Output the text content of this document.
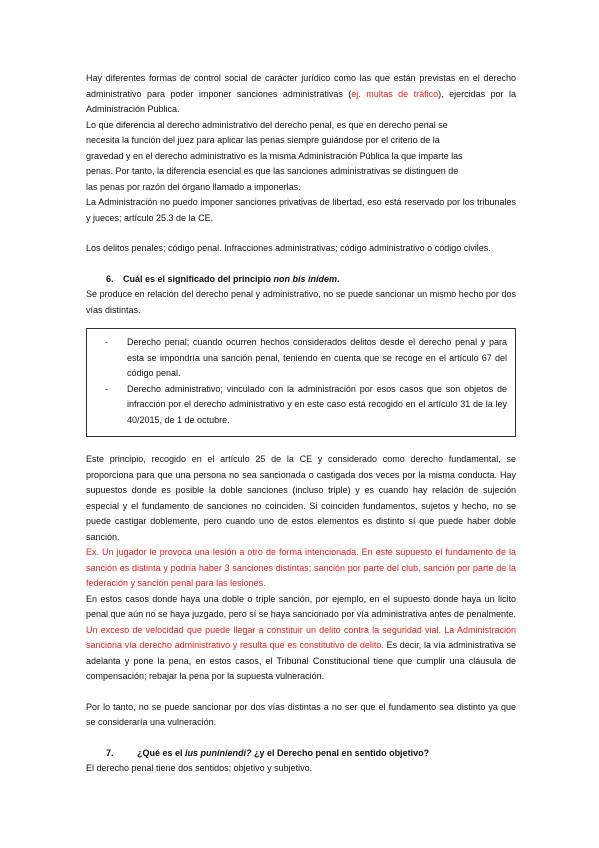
Hay diferentes formas de control social de carácter jurídico como las que están previstas en el derecho administrativo para poder imponer sanciones administrativas (ej. multas de tráfico), ejercidas por la Administración Publica.

Lo que diferencia al derecho administrativo del derecho penal, es que en derecho penal se
necesita la función del juez para aplicar las penas siempre guiándose por el criterio de la
gravedad y en el derecho administrativo es la misma Administración Pública la que imparte las
penas. Por tanto, la diferencia esencial es que las sanciones administrativas se distinguen de
las penas por razón del órgano llamado a imponerlas.

La Administración no puedo imponer sanciones privativas de libertad, eso está reservado por los tribunales y jueces; artículo 25.3 de la CE.

Los delitos penales; código penal. Infracciones administrativas; código administrativo o código civiles.

6. Cuál es el significado del principio non bis inídem.

Se produce en relación del derecho penal y administrativo, no se puede sancionar un mismo hecho por dos vías distintas.

- Derecho penal; cuando ocurren hechos considerados delitos desde el derecho penal y para esta se impondría una sanción penal, teniendo en cuenta que se recoge en el artículo 67 del código penal.
- Derecho administrativo; vinculado con la administración por esos casos que son objetos de infracción por el derecho administrativo y en este caso está recogido en el artículo 31 de la ley 40/2015, de 1 de octubre.

Este principio, recogido en el artículo 25 de la CE y considerado como derecho fundamental, se proporciona para que una persona no sea sancionada o castigada dos veces por la misma conducta. Hay supuestos donde es posible la doble sanciones (incluso triple) y es cuando hay relación de sujeción especial y el fundamento de sanciones no coinciden. Si coinciden fundamentos, sujetos y hecho, no se puede castigar doblemente, pero cuando uno de estos elementos es distinto sí que puede haber doble sanción.

Ex. Un jugador le provoca una lesión a otro de forma intencionada. En este supuesto el fundamento de la sanción es distinta y podría haber 3 sanciones distintas; sanción por parte del club, sanción por parte de la federación y sanción penal para las lesiones.

En estos casos donde haya una doble o triple sanción, por ejemplo, en el supuesto donde haya un licito penal que aún no se haya juzgado, pero sí se haya sancionado por vía administrativa antes de penalmente. Un exceso de velocidad que puede llegar a constituir un delito contra la seguridad vial. La Administración sanciona vía derecho administrativo y resulta que es constitutivo de delito. Es decir, la vía administrativa se adelanta y pone la pena, en estos casos, el Tribunal Constitucional tiene que cumplir una cláusula de compensación; rebajar la pena por la supuesta vulneración.

Por lo tanto, no se puede sancionar por dos vías distintas a no ser que el fundamento sea distinto ya que se consideraría una vulneración.

7.	¿Qué es el ius puniniendi? ¿y el Derecho penal en sentido objetivo?

El derecho penal tiene dos sentidos; objetivo y subjetivo.
